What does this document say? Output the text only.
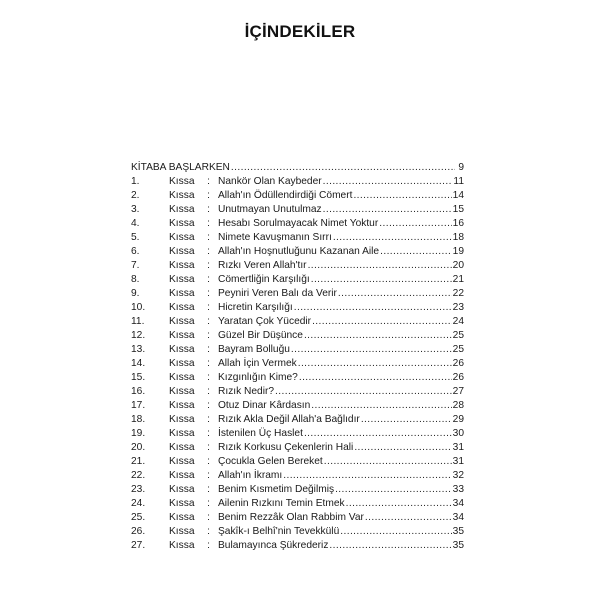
İÇİNDEKİLER
KİTABA BAŞLARKEN .....	9
1.	Kıssa	: Nankör Olan Kaybeder .....	11
2.	Kıssa	: Allah'ın Ödüllendirdiği Cömert .....	14
3.	Kıssa	: Unutmayan Unutulmaz .....	15
4.	Kıssa	: Hesabı Sorulmayacak Nimet Yoktur .....	16
5.	Kıssa	: Nimete Kavuşmanın Sırrı .....	18
6.	Kıssa	: Allah'ın Hoşnutluğunu Kazanan Aile .....	19
7.	Kıssa	: Rızkı Veren Allah'tır .....	20
8.	Kıssa	: Cömertliğin Karşılığı .....	21
9.	Kıssa	: Peyniri Veren Balı da Verir .....	22
10.	Kıssa	: Hicretin Karşılığı .....	23
11.	Kıssa	: Yaratan Çok Yücedir .....	24
12.	Kıssa	: Güzel Bir Düşünce .....	25
13.	Kıssa	: Bayram Bolluğu .....	25
14.	Kıssa	: Allah İçin Vermek .....	26
15.	Kıssa	: Kızgınlığın Kime? .....	26
16.	Kıssa	: Rızık Nedir? .....	27
17.	Kıssa	: Otuz Dinar Kârdasın .....	28
18.	Kıssa	: Rızık Akla Değil Allah'a Bağlıdır .....	29
19.	Kıssa	: İstenilen Üç Haslet .....	30
20.	Kıssa	: Rızık Korkusu Çekenlerin Hali .....	31
21.	Kıssa	: Çocukla Gelen Bereket .....	31
22.	Kıssa	: Allah'ın İkramı .....	32
23.	Kıssa	: Benim Kısmetim Değilmiş .....	33
24.	Kıssa	: Ailenin Rızkını Temin Etmek .....	34
25.	Kıssa	: Benim Rezzâk Olan Rabbim Var .....	34
26.	Kıssa	: Şakîk-ı Belhî'nin Tevekkülü .....	35
27.	Kıssa	: Bulamayınca Şükrederiz .....	35
